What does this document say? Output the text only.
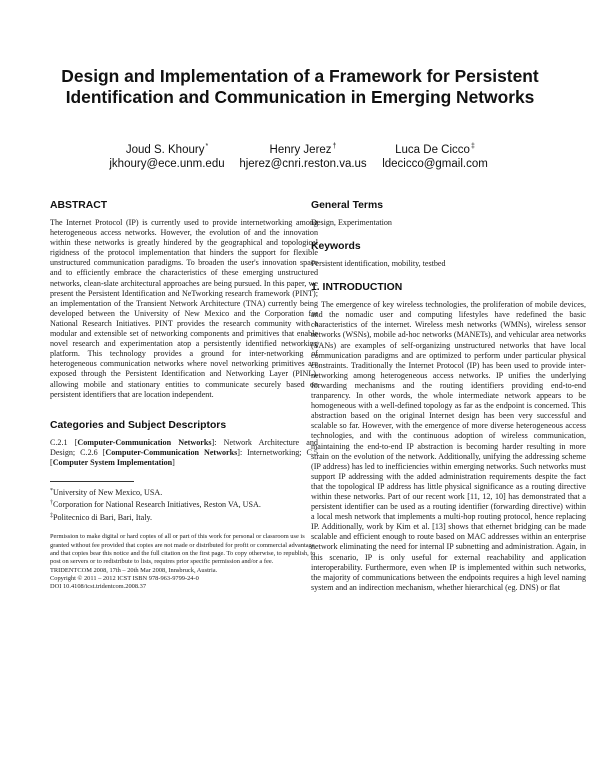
Design and Implementation of a Framework for Persistent
Identification and Communication in Emerging Networks
Joud S. Khoury*
jkhoury@ece.unm.edu
Henry Jerez†
hjerez@cnri.reston.va.us
Luca De Cicco‡
ldecicco@gmail.com
ABSTRACT

The Internet Protocol (IP) is currently used to provide internetworking among heterogeneous access networks. However, the evolution of and the innovation within these networks is greatly hindered by the geographical and topological rigidness of the protocol implementation that hinders the support for flexible unstructured communication paradigms. To broaden the user's innovation space and to efficiently embrace the characteristics of these emerging unstructured networks, clean-slate architectural approaches are being pursued. In this paper, we present the Persistent Identification and NeTworking research framework (PINT); an implementation of the Transient Network Architecture (TNA) currently being developed between the University of New Mexico and the Corporation for National Research Initiatives. PINT provides the research community with a modular and extensible set of networking components and primitives that enable novel research and experimentation atop a persistently identified networking platform. This technology provides a ground for inter-networking of heterogeneous communication networks where novel networking primitives are exposed through the Persistent Identification and Networking Layer (PINL), allowing mobile and stationary entities to communicate securely based on persistent identifiers that are location independent.

Categories and Subject Descriptors

C.2.1 [Computer-Communication Networks]: Network Architecture and Design; C.2.6 [Computer-Communication Networks]: Internetworking; C.5 [Computer System Implementation]

*University of New Mexico, USA.

†Corporation for National Research Initiatives, Reston VA, USA.

‡Politecnico di Bari, Bari, Italy.

Permission to make digital or hard copies of all or part of this work for personal or classroom use is granted without fee provided that copies are not made or distributed for profit or commercial advantage and that copies bear this notice and the full citation on the first page. To copy otherwise, to republish, to post on servers or to redistribute to lists, requires prior specific permission and/or a fee.
TRIDENTCOM 2008, 17th – 20th Mar 2008, Innsbruck, Austria.
Copyright © 2011 – 2012 ICST ISBN 978-963-9799-24-0
DOI 10.4108/icst.tridentcom.2008.37
General Terms

Design, Experimentation

Keywords

Persistent identification, mobility, testbed

1. INTRODUCTION

The emergence of key wireless technologies, the proliferation of mobile devices, and the nomadic user and computing lifestyles have redefined the basic characteristics of the internet. Wireless mesh networks (WMNs), wireless sensor networks (WSNs), mobile ad-hoc networks (MANETs), and vehicular area networks (VANs) are examples of self-organizing unstructured networks that have local communication paradigms and are optimized to perform under particular physical constraints. Traditionally the Internet Protocol (IP) has been used to provide inter-networking among heterogeneous access networks. IP unifies the underlying forwarding mechanisms and the routing identifiers providing end-to-end tranparency. In other words, the whole intermediate network appears to be homogeneous with a well-defined topology as far as the endpoint is concerned. This abstraction based on the original Internet design has been very successful and scalable so far. However, with the emergence of more diverse heterogeneous access technologies, and with the continuous adoption of wireless communication, maintaining the end-to-end IP abstraction is becoming harder resulting in more strain on the evolution of the network. Additionally, unifying the addressing scheme (IP address) has led to inefficiencies within emerging networks. Such networks must support IP addressing with the added administration requirements despite the fact that the topological IP address has little physical significance as a routing directive within these networks. Part of our recent work [11, 12, 10] has demonstrated that a persistent identifier can be used as a routing identifier (forwarding directive) within a local mesh network that implements a multi-hop routing protocol, hence replacing IP. Additionally, work by Kim et al. [13] shows that ethernet bridging can be made scalable and efficient enough to route based on MAC addresses within an enterprise network eliminating the need for internal IP subnetting and administration. Again, in this scenario, IP is only useful for external reachability and application interoperability. Furthermore, even when IP is implemented within such networks, the majority of communications between the endpoints requires a high level naming system and an indirection mechanism, whether hierarchical (eg. DNS) or flat
